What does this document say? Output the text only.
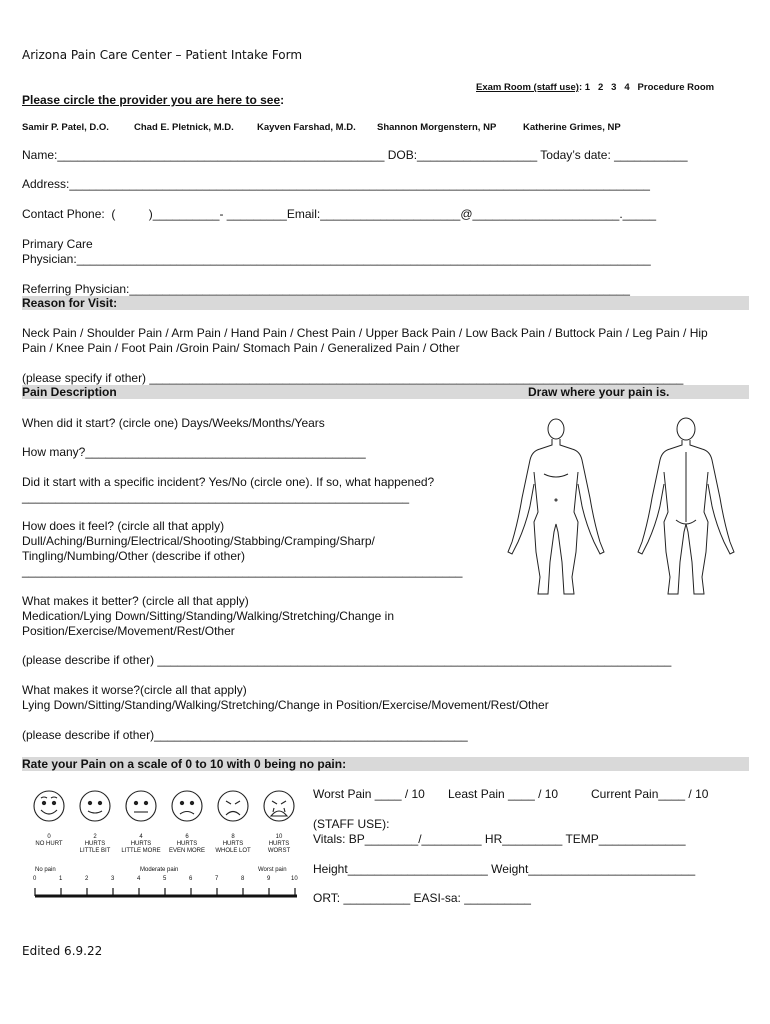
Arizona Pain Care Center – Patient Intake Form
Exam Room (staff use): 1   2   3   4   Procedure Room
Please circle the provider you are here to see:
Samir P. Patel, D.O.	Chad E. Pletnick, M.D. Kayven Farshad, M.D. Shannon Morgenstern, NP	Katherine Grimes, NP
Name:_________________________________________________ DOB:__________________ Today’s date: ___________
Address:_______________________________________________________________________________________
Contact Phone:  (          )__________- _________Email:_____________________@______________________._____
Primary Care
Physician:______________________________________________________________________________________
Referring Physician:___________________________________________________________________________
Reason for Visit:
Neck Pain / Shoulder Pain / Arm Pain / Hand Pain / Chest Pain / Upper Back Pain / Low Back Pain / Buttock Pain / Leg Pain / Hip
Pain / Knee Pain / Foot Pain /Groin Pain/ Stomach Pain / Generalized Pain / Other
(please specify if other) ________________________________________________________________________________
Pain Description	Draw where your pain is.
When did it start? (circle one) Days/Weeks/Months/Years
How many?__________________________________________
Did it start with a specific incident? Yes/No (circle one). If so, what happened?
__________________________________________________________
How does it feel? (circle all that apply)
Dull/Aching/Burning/Electrical/Shooting/Stabbing/Cramping/Sharp/
Tingling/Numbing/Other (describe if other)
__________________________________________________________________
What makes it better? (circle all that apply)
Medication/Lying Down/Sitting/Standing/Walking/Stretching/Change in
Position/Exercise/Movement/Rest/Other
(please describe if other) _____________________________________________________________________________
What makes it worse?(circle all that apply)
Lying Down/Sitting/Standing/Walking/Stretching/Change in Position/Exercise/Movement/Rest/Other
(please describe if other)_______________________________________________
Rate your Pain on a scale of 0 to 10 with 0 being no pain:
0
NO HURT
2
HURTS
LITTLE BIT
4
HURTS
LITTLE MORE
6
HURTS
EVEN MORE
8
HURTS
WHOLE LOT
10
HURTS
WORST
No pain	Moderate pain	Worst pain
0	1	2	3	4	5	6	7	8	9	10
Worst Pain ____ / 10 Least Pain ____ / 10	Current Pain____ / 10
(STAFF USE):
Vitals: BP________/_________ HR_________ TEMP_____________
Height_____________________ Weight_________________________
ORT: __________ EASI-sa: __________
Edited 6.9.22
